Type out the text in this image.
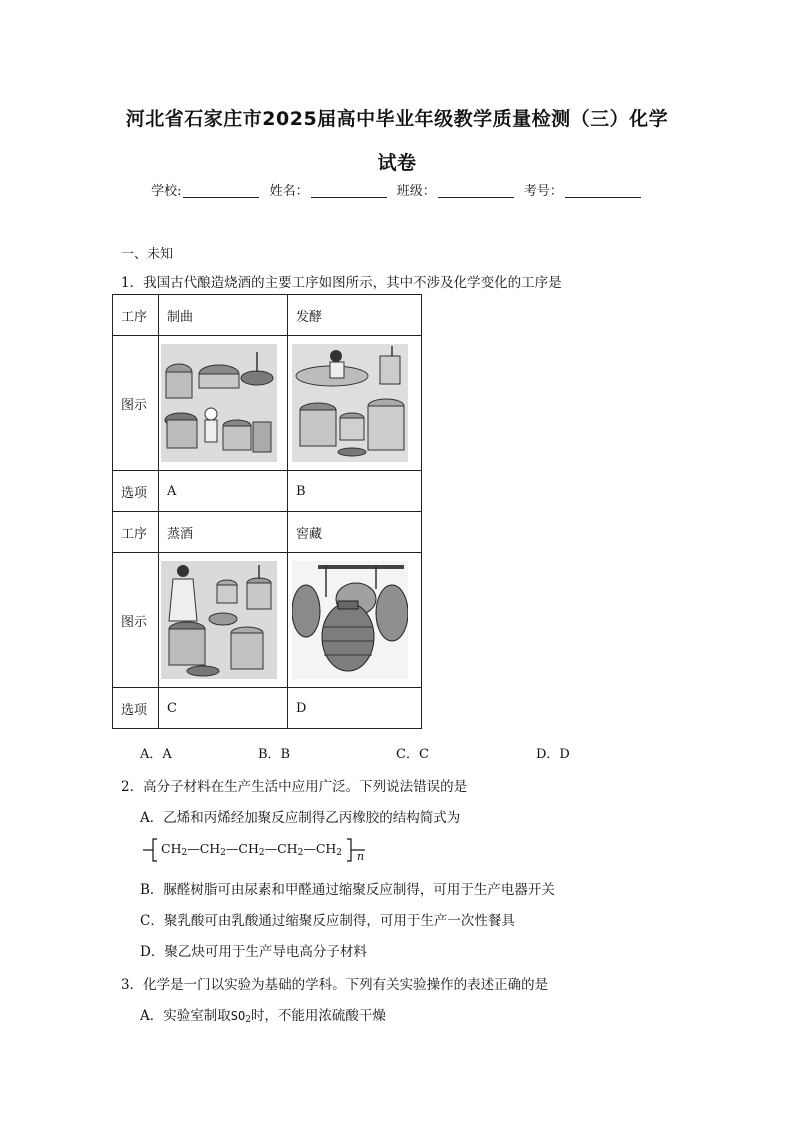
河北省石家庄市2025届高中毕业年级教学质量检测（三）化学
试卷
学校:	姓名：	班级：	考号：
一、未知
1．我国古代酿造烧酒的主要工序如图所示，其中不涉及化学变化的工序是
工序	制曲	发酵
图示	

选项	A	B
工序	蒸酒	窖藏
图示	

选项	C	D
A．A	B．B	C．C	D．D
2．高分子材料在生产生活中应用广泛。下列说法错误的是
A．乙烯和丙烯经加聚反应制得乙丙橡胶的结构简式为
$CH_2—CH_2—CH_2—CH_2—CH_2$ n
B．脲醛树脂可由尿素和甲醛通过缩聚反应制得，可用于生产电器开关
C．聚乳酸可由乳酸通过缩聚反应制得，可用于生产一次性餐具
D．聚乙炔可用于生产导电高分子材料
3．化学是一门以实验为基础的学科。下列有关实验操作的表述正确的是
A．实验室制取$SO_2$时，不能用浓硫酸干燥
